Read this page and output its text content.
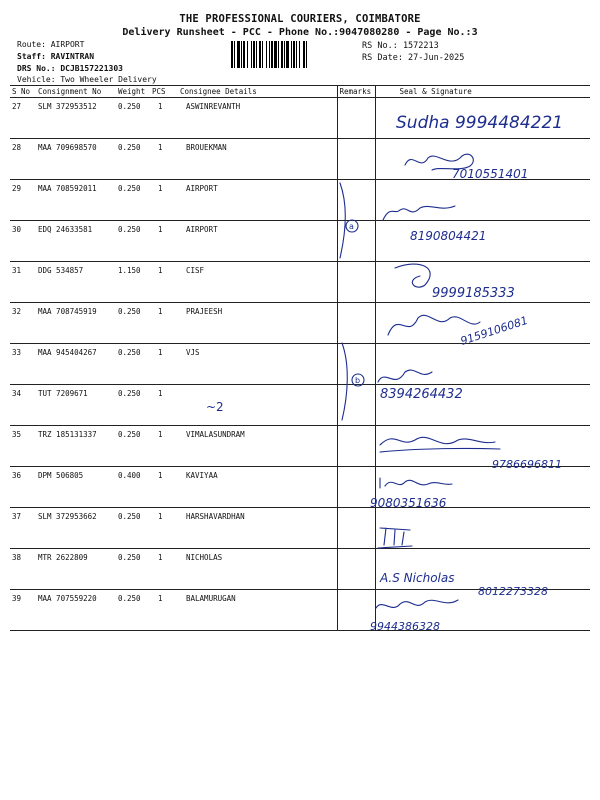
THE PROFESSIONAL COURIERS, COIMBATORE
Delivery Runsheet - PCC - Phone No.:9047080280 - Page No.:3
Route: AIRPORT
Staff: RAVINTRAN
DRS No.: DCJB157221303
Vehicle: Two Wheeler Delivery
RS No.: 1572213
RS Date: 27-Jun-2025
S No	Consignment No	Weight	PCS	Consignee Details	Remarks	Seal & Signature
27	SLM 372953512	0.250	1	ASWINREVANTH		
28	MAA 709698570	0.250	1	BROUEKMAN		
29	MAA 708592011	0.250	1	AIRPORT		
30	EDQ 24633581	0.250	1	AIRPORT		
31	DDG 534857	1.150	1	CISF		
32	MAA 708745919	0.250	1	PRAJEESH		
33	MAA 945404267	0.250	1	VJS		
34	TUT 7209671	0.250	1			
35	TRZ 185131337	0.250	1	VIMALASUNDRAM		
36	DPM 506805	0.400	1	KAVIYAA		
37	SLM 372953662	0.250	1	HARSHAVARDHAN		
38	MTR 2622809	0.250	1	NICHOLAS		
39	MAA 707559220	0.250	1	BALAMURUGAN		
a
b
Sudha 9994484221
7010551401
8190804421
9999185333
9159106081
8394264432
~2
9786696811
9080351636
A.S Nicholas
8012273328
9944386328
